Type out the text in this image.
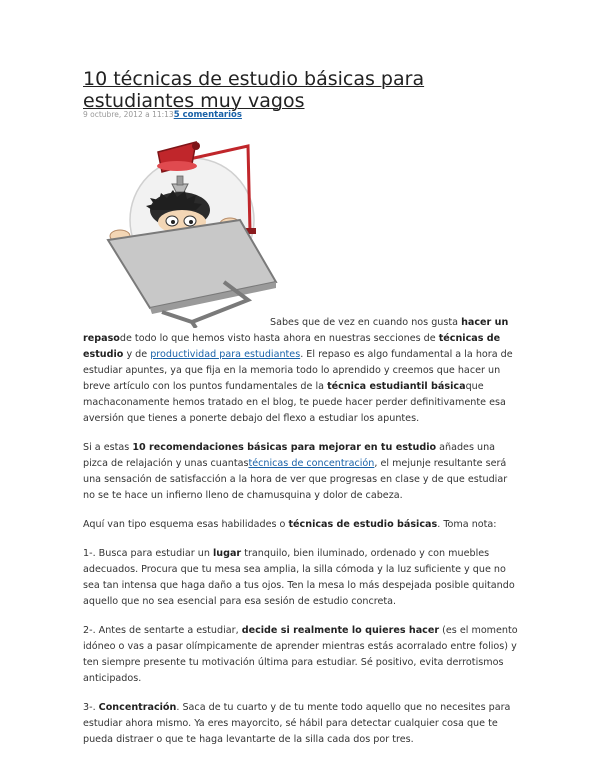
10 técnicas de estudio básicas para
estudiantes muy vagos
9 octubre, 2012 a 11:135 comentarios

Sabes que de vez en cuando nos gusta hacer un repasode todo lo que hemos visto hasta ahora en nuestras secciones de técnicas de estudio y de productividad para estudiantes. El repaso es algo fundamental a la hora de estudiar apuntes, ya que fija en la memoria todo lo aprendido y creemos que hacer un breve artículo con los puntos fundamentales de la técnica estudiantil básicaque machaconamente hemos tratado en el blog, te puede hacer perder definitivamente esa aversión que tienes a ponerte debajo del flexo a estudiar los apuntes.

Si a estas 10 recomendaciones básicas para mejorar en tu estudio añades una pizca de relajación y unas cuantastécnicas de concentración, el mejunje resultante será una sensación de satisfacción a la hora de ver que progresas en clase y de que estudiar no se te hace un infierno lleno de chamusquina y dolor de cabeza.

Aquí van tipo esquema esas habilidades o técnicas de estudio básicas. Toma nota:

1-. Busca para estudiar un lugar tranquilo, bien iluminado, ordenado y con muebles adecuados. Procura que tu mesa sea amplia, la silla cómoda y la luz suficiente y que no sea tan intensa que haga daño a tus ojos. Ten la mesa lo más despejada posible quitando aquello que no sea esencial para esa sesión de estudio concreta.

2-. Antes de sentarte a estudiar, decide si realmente lo quieres hacer (es el momento idóneo o vas a pasar olímpicamente de aprender mientras estás acorralado entre folios) y ten siempre presente tu motivación última para estudiar. Sé positivo, evita derrotismos anticipados.

3-. Concentración. Saca de tu cuarto y de tu mente todo aquello que no necesites para estudiar ahora mismo. Ya eres mayorcito, sé hábil para detectar cualquier cosa que te pueda distraer o que te haga levantarte de la silla cada dos por tres.
